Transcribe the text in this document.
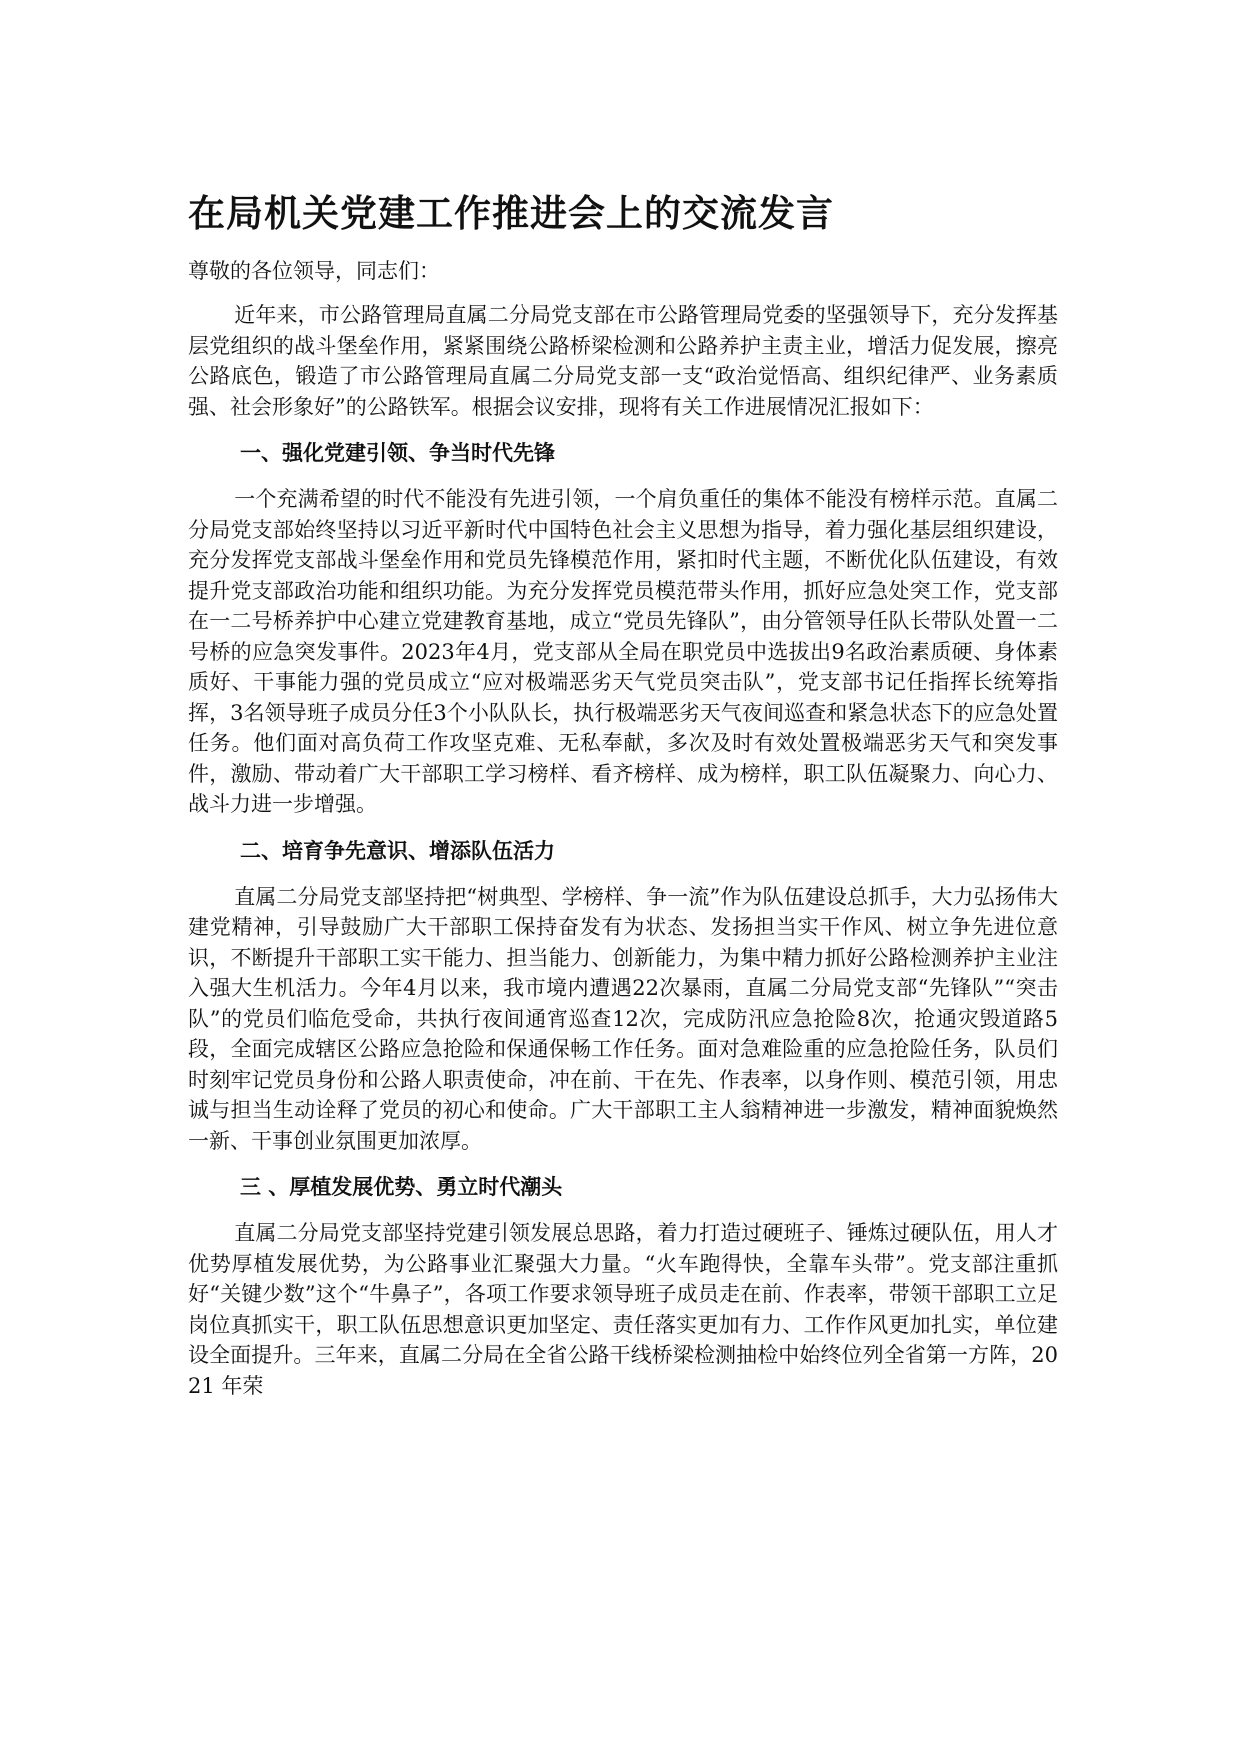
在局机关党建工作推进会上的交流发言
尊敬的各位领导，同志们：

近年来，市公路管理局直属二分局党支部在市公路管理局党委的坚强领导下，充分发挥基层党组织的战斗堡垒作用，紧紧围绕公路桥梁检测和公路养护主责主业，增活力促发展，擦亮公路底色，锻造了市公路管理局直属二分局党支部一支“政治觉悟高、组织纪律严、业务素质强、社会形象好”的公路铁军。根据会议安排，现将有关工作进展情况汇报如下：

一、强化党建引领、争当时代先锋

一个充满希望的时代不能没有先进引领，一个肩负重任的集体不能没有榜样示范。直属二分局党支部始终坚持以习近平新时代中国特色社会主义思想为指导，着力强化基层组织建设，充分发挥党支部战斗堡垒作用和党员先锋模范作用，紧扣时代主题，不断优化队伍建设，有效提升党支部政治功能和组织功能。为充分发挥党员模范带头作用，抓好应急处突工作，党支部在一二号桥养护中心建立党建教育基地，成立“党员先锋队”，由分管领导任队长带队处置一二号桥的应急突发事件。2023年4月，党支部从全局在职党员中选拔出9名政治素质硬、身体素质好、干事能力强的党员成立“应对极端恶劣天气党员突击队”，党支部书记任指挥长统筹指挥，3名领导班子成员分任3个小队队长，执行极端恶劣天气夜间巡查和紧急状态下的应急处置任务。他们面对高负荷工作攻坚克难、无私奉献，多次及时有效处置极端恶劣天气和突发事件，激励、带动着广大干部职工学习榜样、看齐榜样、成为榜样，职工队伍凝聚力、向心力、战斗力进一步增强。

二、培育争先意识、增添队伍活力

直属二分局党支部坚持把“树典型、学榜样、争一流”作为队伍建设总抓手，大力弘扬伟大建党精神，引导鼓励广大干部职工保持奋发有为状态、发扬担当实干作风、树立争先进位意识，不断提升干部职工实干能力、担当能力、创新能力，为集中精力抓好公路检测养护主业注入强大生机活力。今年4月以来，我市境内遭遇22次暴雨，直属二分局党支部“先锋队”“突击队”的党员们临危受命，共执行夜间通宵巡查12次，完成防汛应急抢险8次，抢通灾毁道路5段，全面完成辖区公路应急抢险和保通保畅工作任务。面对急难险重的应急抢险任务，队员们时刻牢记党员身份和公路人职责使命，冲在前、干在先、作表率，以身作则、模范引领，用忠诚与担当生动诠释了党员的初心和使命。广大干部职工主人翁精神进一步激发，精神面貌焕然一新、干事创业氛围更加浓厚。

三 、厚植发展优势、勇立时代潮头

直属二分局党支部坚持党建引领发展总思路，着力打造过硬班子、锤炼过硬队伍，用人才优势厚植发展优势，为公路事业汇聚强大力量。“火车跑得快，全靠车头带”。党支部注重抓好“关键少数”这个“牛鼻子”，各项工作要求领导班子成员走在前、作表率，带领干部职工立足岗位真抓实干，职工队伍思想意识更加坚定、责任落实更加有力、工作作风更加扎实，单位建设全面提升。三年来，直属二分局在全省公路干线桥梁检测抽检中始终位列全省第一方阵，2021 年荣
